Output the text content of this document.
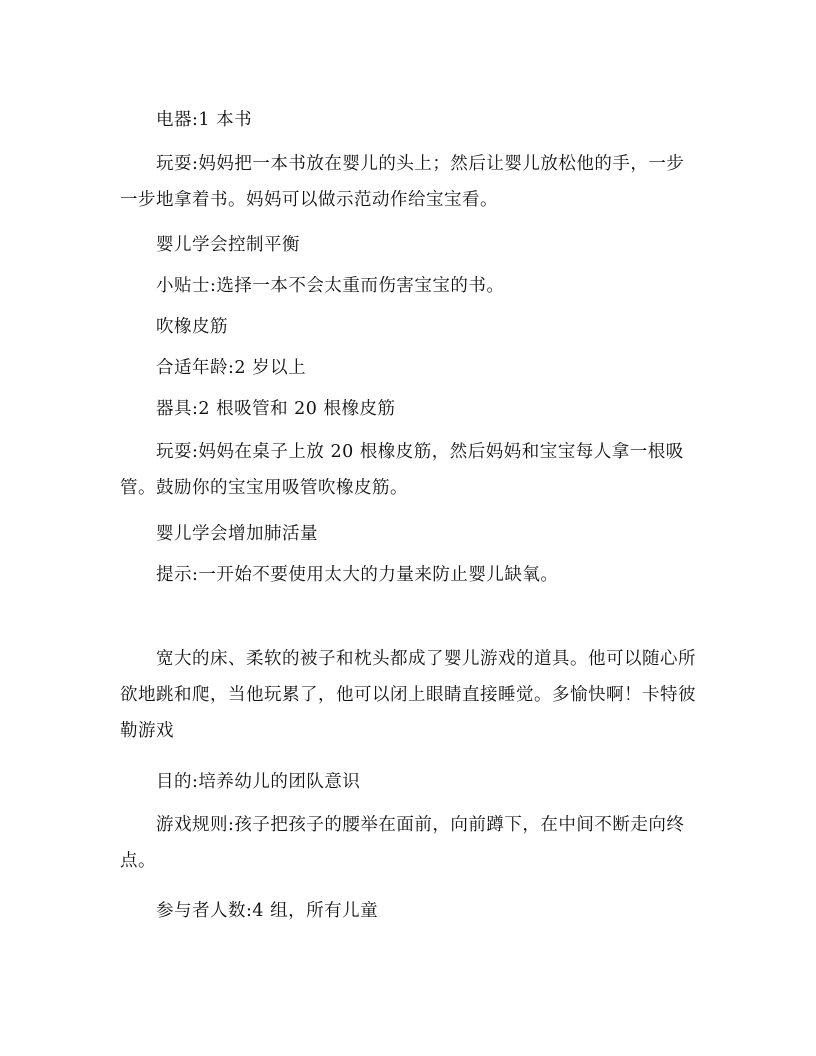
电器:1 本书

玩耍:妈妈把一本书放在婴儿的头上；然后让婴儿放松他的手，一步一步地拿着书。妈妈可以做示范动作给宝宝看。

婴儿学会控制平衡

小贴士:选择一本不会太重而伤害宝宝的书。

吹橡皮筋

合适年龄:2 岁以上

器具:2 根吸管和 20 根橡皮筋

玩耍:妈妈在桌子上放 20 根橡皮筋，然后妈妈和宝宝每人拿一根吸管。鼓励你的宝宝用吸管吹橡皮筋。

婴儿学会增加肺活量

提示:一开始不要使用太大的力量来防止婴儿缺氧。

宽大的床、柔软的被子和枕头都成了婴儿游戏的道具。他可以随心所欲地跳和爬，当他玩累了，他可以闭上眼睛直接睡觉。多愉快啊！卡特彼勒游戏

目的:培养幼儿的团队意识

游戏规则:孩子把孩子的腰举在面前，向前蹲下，在中间不断走向终点。

参与者人数:4 组，所有儿童
